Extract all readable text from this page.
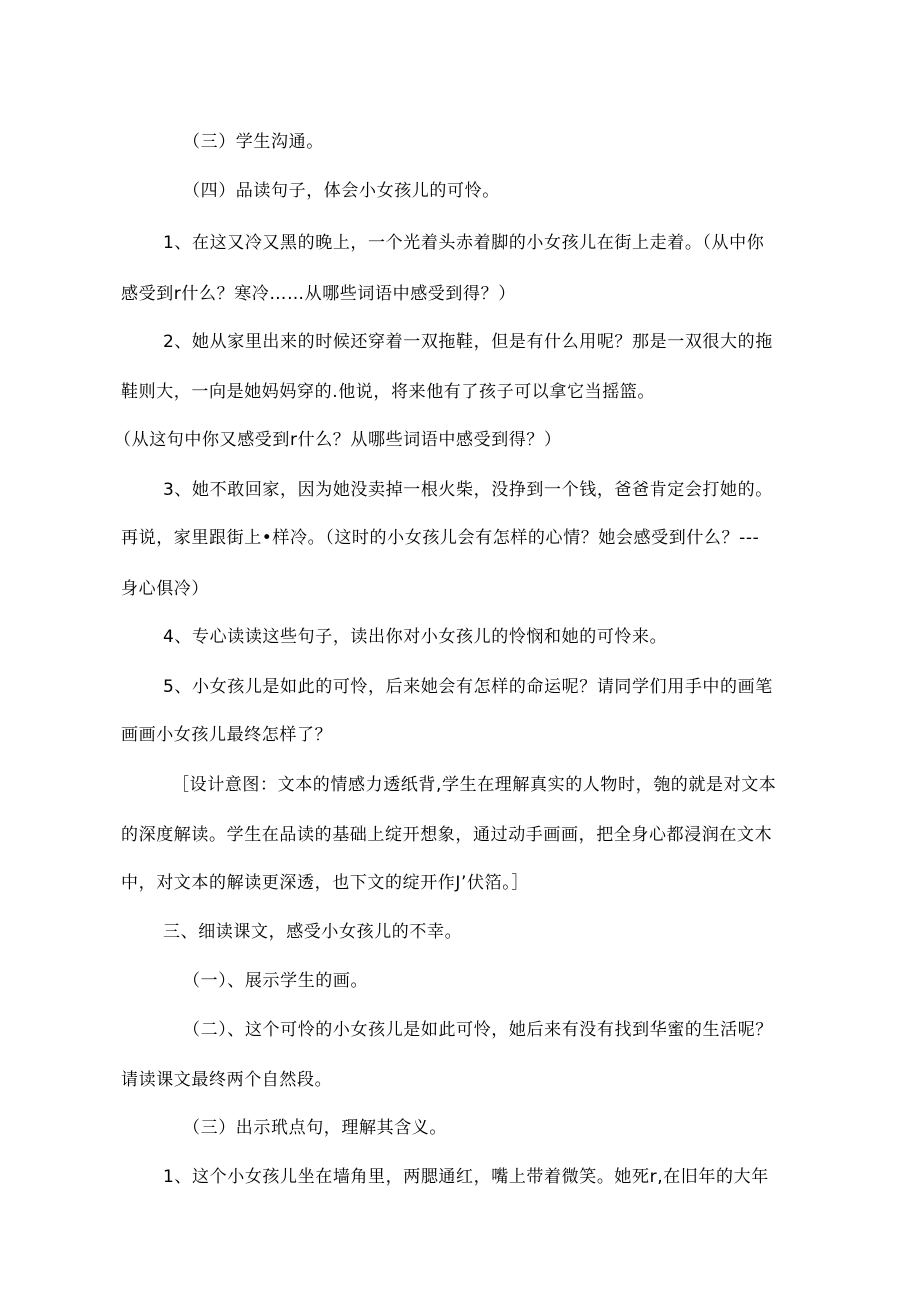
（三）学生沟通。
（四）品读句子，体会小女孩儿的可怜。
1、在这又冷又黑的晚上，一个光着头赤着脚的小女孩儿在街上走着。（从中你
感受到r什么？寒冷……从哪些词语中感受到得？）
2、她从家里出来的时候还穿着一双拖鞋，但是有什么用呢？那是一双很大的拖
鞋则大，一向是她妈妈穿的.他说，将来他有了孩子可以拿它当摇篮。
（从这句中你又感受到r什么？从哪些词语中感受到得？）
3、她不敢回家，因为她没卖掉一根火柴，没挣到一个钱，爸爸肯定会打她的。
再说，家里跟街上•样冷。（这时的小女孩儿会有怎样的心情？她会感受到什么？---
身心俱冷）
4、专心读读这些句子，读出你对小女孩儿的怜悯和她的可怜来。
5、小女孩儿是如此的可怜，后来她会有怎样的命运呢？请同学们用手中的画笔
画画小女孩儿最终怎样了？
［设计意图：文本的情感力透纸背,学生在理解真实的人物时，匏的就是对文本
的深度解读。学生在品读的基础上绽开想象，通过动手画画，把全身心都浸润在文木
中，对文本的解读更深透，也下文的绽开作J’伏箔。］
三、细读课文，感受小女孩儿的不幸。
（一）、展示学生的画。
（二）、这个可怜的小女孩儿是如此可怜，她后来有没有找到华蜜的生活呢？
请读课文最终两个自然段。
（三）出示玳点句，理解其含义。
1、这个小女孩儿坐在墙角里，两腮通红，嘴上带着微笑。她死r,在旧年的大年
